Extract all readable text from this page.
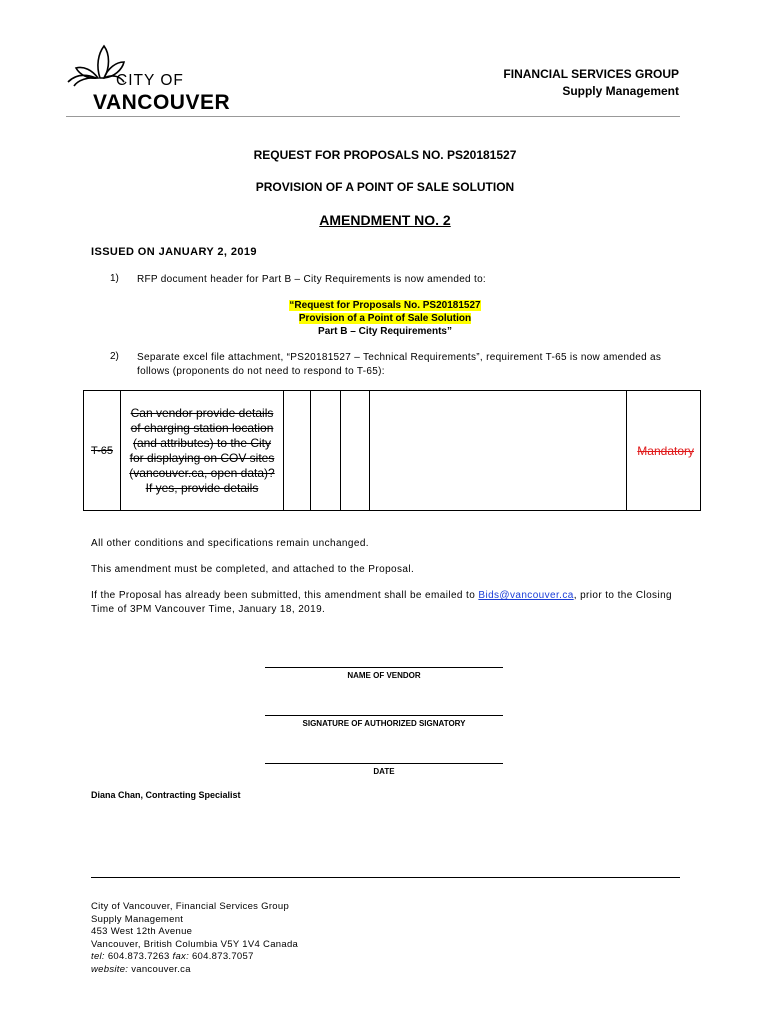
CITY OF
VANCOUVER
FINANCIAL SERVICES GROUP
Supply Management
REQUEST FOR PROPOSALS NO. PS20181527
PROVISION OF A POINT OF SALE SOLUTION
AMENDMENT NO. 2
ISSUED ON JANUARY 2, 2019
1) RFP document header for Part B – City Requirements is now amended to:
“Request for Proposals No. PS20181527
Provision of a Point of Sale Solution
Part B – City Requirements”
2) Separate excel file attachment, “PS20181527 – Technical Requirements”, requirement T-65 is now amended as follows (proponents do not need to respond to T-65):
T-65	Can vendor provide details of charging station location (and attributes) to the City for displaying on COV sites (vancouver.ca, open data)? If yes, provide details					Mandatory
All other conditions and specifications remain unchanged.
This amendment must be completed, and attached to the Proposal.
If the Proposal has already been submitted, this amendment shall be emailed to Bids@vancouver.ca, prior to the Closing Time of 3PM Vancouver Time, January 18, 2019.
NAME OF VENDOR
SIGNATURE OF AUTHORIZED SIGNATORY
DATE
Diana Chan, Contracting Specialist
City of Vancouver, Financial Services Group
Supply Management
453 West 12th Avenue
Vancouver, British Columbia V5Y 1V4 Canada
tel: 604.873.7263 fax: 604.873.7057
website: vancouver.ca
